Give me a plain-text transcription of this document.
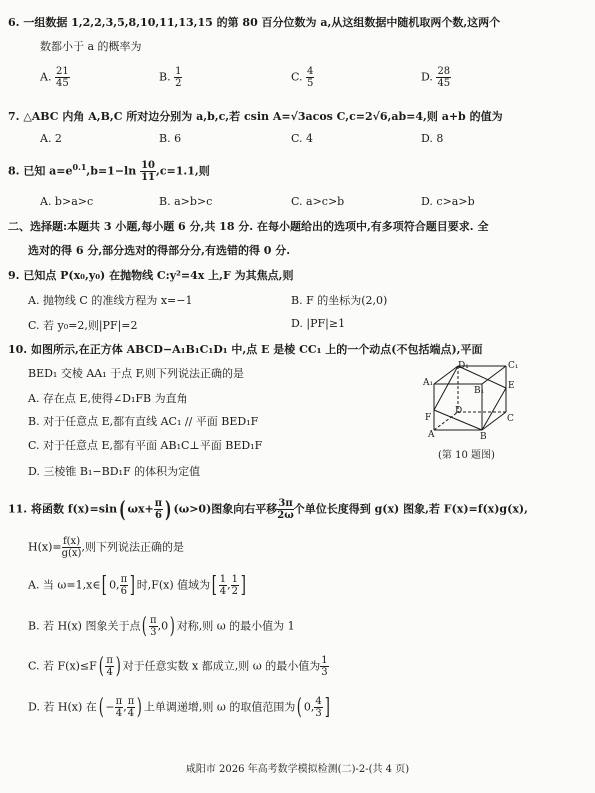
6. 一组数据 1,2,2,3,5,8,10,11,13,15 的第 80 百分位数为 a,从这组数据中随机取两个数,这两个
数都小于 a 的概率为
A. $\frac{21}{45}$	B. $\frac{1}{2}$	C. $\frac{4}{5}$	D. $\frac{28}{45}$
7. △ABC 内角 A,B,C 所对边分别为 a,b,c,若 csin A=√3acos C,c=2√6,ab=4,则 a+b 的值为
A. 2	B. 6	C. 4	D. 8
8. 已知 $a=e^{0.1},b=1-\ln \frac{10}{11} ,c=1.1$,则
A. b>a>c	B. a>b>c	C. a>c>b	D. c>a>b
二、选择题:本题共 3 小题,每小题 6 分,共 18 分. 在每小题给出的选项中,有多项符合题目要求. 全
选对的得 6 分,部分选对的得部分分,有选错的得 0 分.
9. 已知点 P(x₀,y₀) 在抛物线 C:y²=4x 上,F 为其焦点,则
A. 抛物线 C 的准线方程为 x=−1	B. F 的坐标为(2,0)
C. 若 y₀=2,则|PF|=2	D. |PF|≥1
10. 如图所示,在正方体 ABCD−A₁B₁C₁D₁ 中,点 E 是棱 CC₁ 上的一个动点(不包括端点),平面
BED₁ 交棱 AA₁ 于点 F,则下列说法正确的是
A. 存在点 E,使得∠D₁FB 为直角
B. 对于任意点 E,都有直线 AC₁ // 平面 BED₁F
C. 对于任意点 E,都有平面 AB₁C⊥平面 BED₁F
D. 三棱锥 B₁−BD₁F 的体积为定值
D₁	C₁
A₁
B₁	E
D
F	C
A	B
(第 10 题图)
11. 将函数 f(x)=sin( $\omega x+ \frac{\pi}{6}$ ) (ω>0)图象向右平移 $\frac{3\pi}{2\omega}$ 个单位长度得到 g(x) 图象,若 F(x)=f(x)g(x),
$H(x)= \frac{f(x)}{g(x)}$ ,则下列说法正确的是
A. 当 ω=1,x∈[ 0, $\frac{\pi}{6}$ ] 时,F(x) 值域为[ $\frac{1}{4}$ , $\frac{1}{2}$ ]
B. 若 H(x) 图象关于点( $\frac{\pi}{3} ,0$) 对称,则 ω 的最小值为 1
C. 若 $F(x)\le F( \frac{\pi}{4}$ ) 对于任意实数 x 都成立,则 ω 的最小值为 $\frac{1}{3}$
D. 若 H(x) 在( − $\frac{\pi}{4}$ , $\frac{\pi}{4}$ ) 上单调递增,则 ω 的取值范围为( 0, $\frac{4}{3}$ ]
咸阳市 2026 年高考数学模拟检测(二)-2-(共 4 页)
